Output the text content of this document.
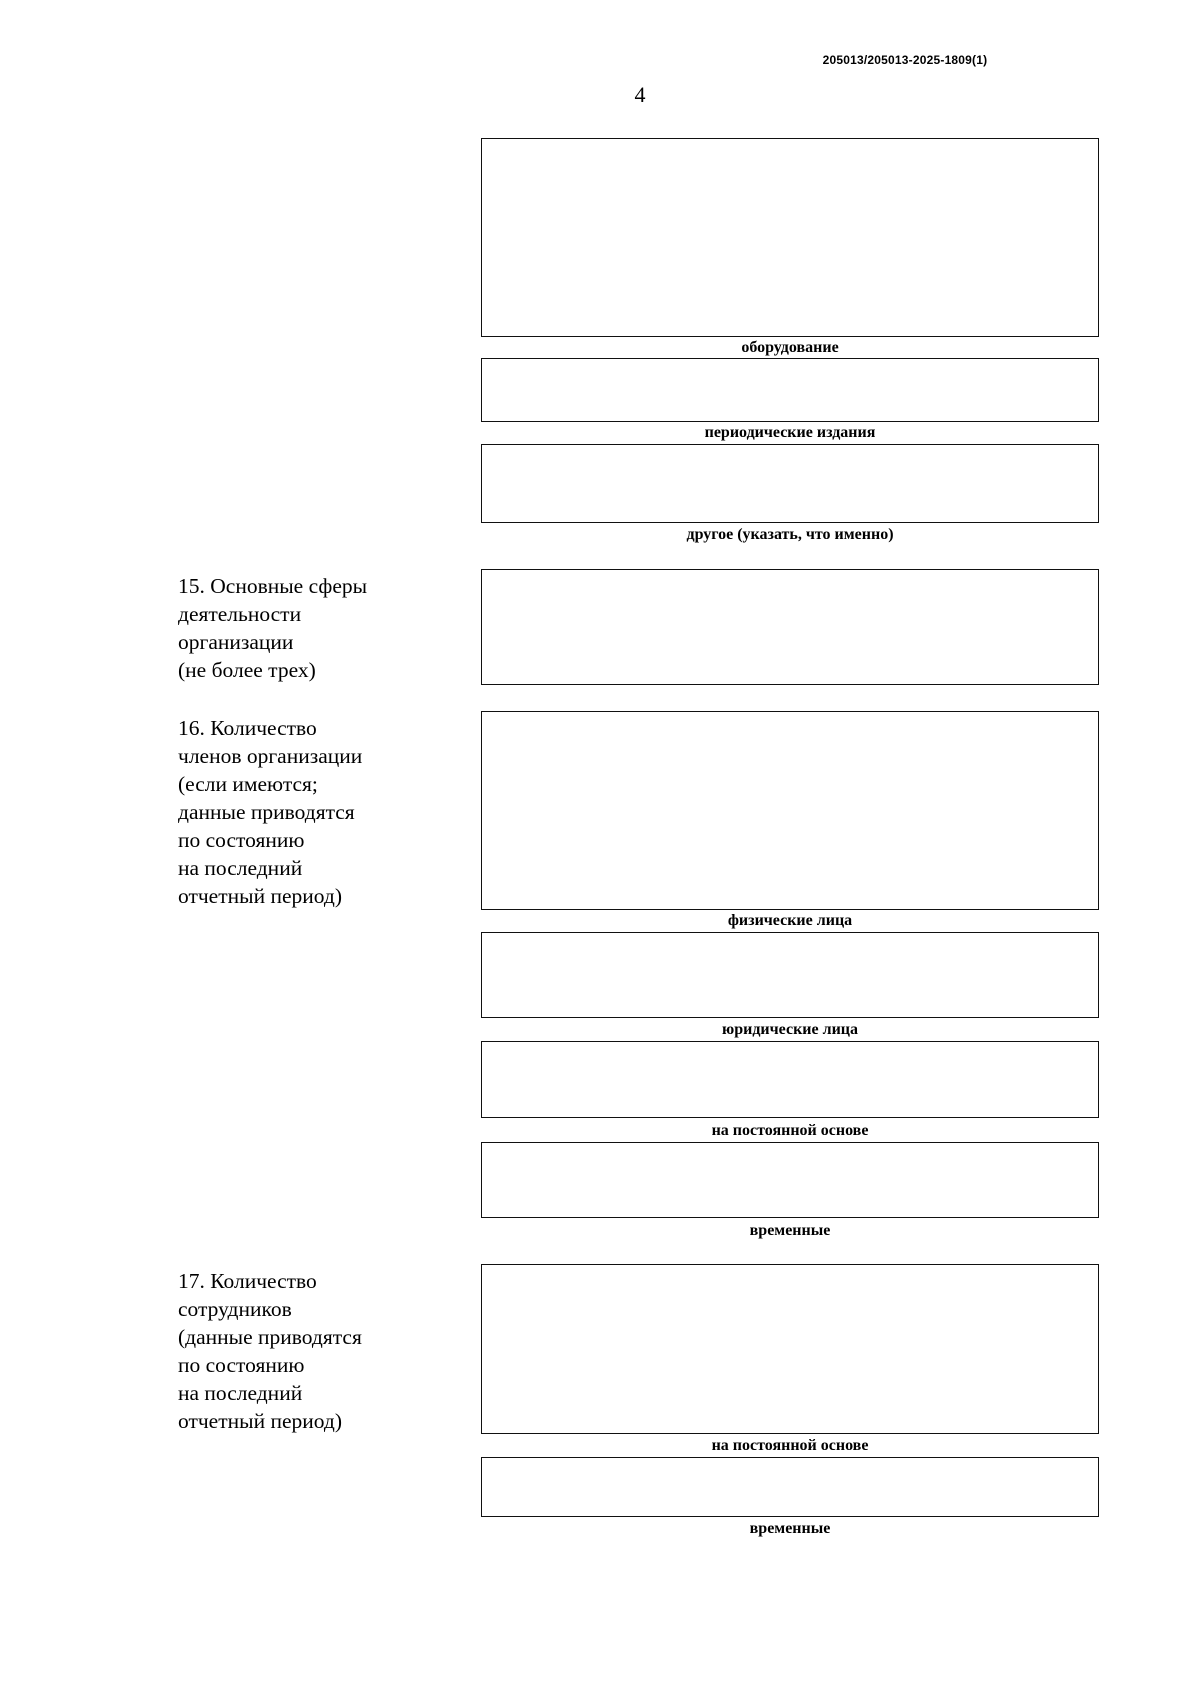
205013/205013-2025-1809(1)
4
оборудование
периодические издания
другое (указать, что именно)
15. Основные сферы
деятельности
организации
(не более трех)
16. Количество
членов организации
(если имеются;
данные приводятся
по состоянию
на последний
отчетный период)
физические лица
юридические лица
на постоянной основе
временные
17. Количество
сотрудников
(данные приводятся
по состоянию
на последний
отчетный период)
на постоянной основе
временные
